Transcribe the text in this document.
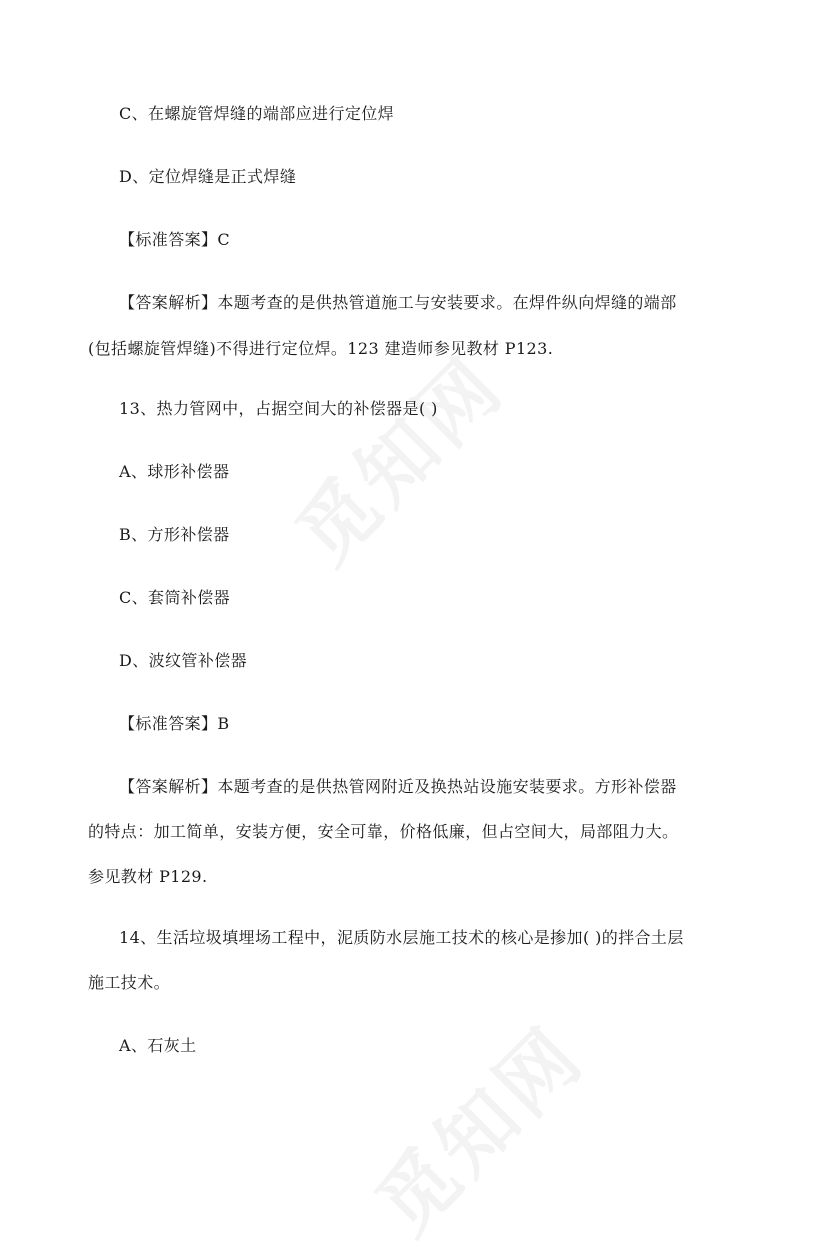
C、在螺旋管焊缝的端部应进行定位焊
D、定位焊缝是正式焊缝
【标准答案】C
【答案解析】本题考查的是供热管道施工与安装要求。在焊件纵向焊缝的端部
(包括螺旋管焊缝)不得进行定位焊。123 建造师参见教材 P123.
13、热力管网中，占据空间大的补偿器是( )
A、球形补偿器
B、方形补偿器
C、套筒补偿器
D、波纹管补偿器
【标准答案】B
【答案解析】本题考查的是供热管网附近及换热站设施安装要求。方形补偿器
的特点：加工简单，安装方便，安全可靠，价格低廉，但占空间大，局部阻力大。
参见教材 P129.
14、生活垃圾填埋场工程中，泥质防水层施工技术的核心是掺加( )的拌合土层
施工技术。
A、石灰土
